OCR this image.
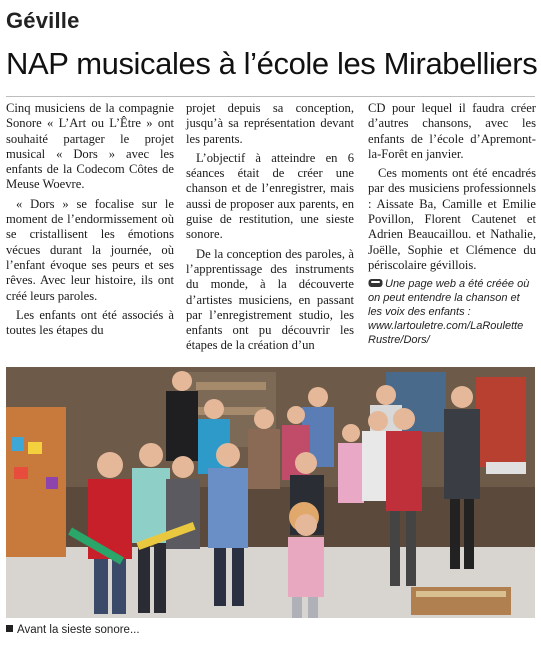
Géville
NAP musicales à l’école les Mirabelliers

Cinq musiciens de la compagnie Sonore « L’Art ou L’Être » ont souhaité partager le projet musical « Dors » avec les enfants de la Codecom Côtes de Meuse Woevre.

« Dors » se focalise sur le moment de l’endormissement où se cristallisent les émotions vécues durant la journée, où l’enfant évoque ses peurs et ses rêves. Avec leur histoire, ils ont créé leurs paroles.

Les enfants ont été associés à toutes les étapes du

projet depuis sa conception, jusqu’à sa représentation devant les parents.

L’objectif à atteindre en 6 séances était de créer une chanson et de l’enregistrer, mais aussi de proposer aux parents, en guise de restitution, une sieste sonore.

De la conception des paroles, à l’apprentissage des instruments du monde, à la découverte d’artistes musiciens, en passant par l’enregistrement studio, les enfants ont pu découvrir les étapes de la création d’un

CD pour lequel il faudra créer d’autres chansons, avec les enfants de l’école d’Apremont-la-Forêt en janvier.

Ces moments ont été encadrés par des musiciens professionnels : Aissate Ba, Camille et Emilie Povillon, Florent Cautenet et Adrien Beaucaillou. et Nathalie, Joëlle, Sophie et Clémence du périscolaire gévillois.

Une page web a été créée où on peut entendre la chanson et les voix des enfants :
www.lartouletre.com/LaRoulette Rustre/Dors/
Avant la sieste sonore...
